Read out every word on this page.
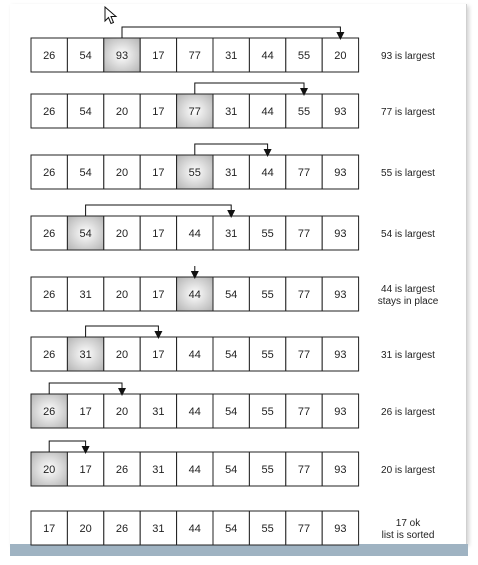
26 54 93 17 77 31 44 55 20	93 is largest
26 54 20 17 77 31 44 55 93	77 is largest
26 54 20 17 55 31 44 77 93	55 is largest
26 54 20 17 44 31 55 77 93	54 is largest
26 31 20 17 44 54 55 77 93	44 is largest
stays in place
26 31 20 17 44 54 55 77 93	31 is largest
26 17 20 31 44 54 55 77 93	26 is largest
20 17 26 31 44 54 55 77 93	20 is largest
17 20 26 31 44 54 55 77 93	17 ok
list is sorted
